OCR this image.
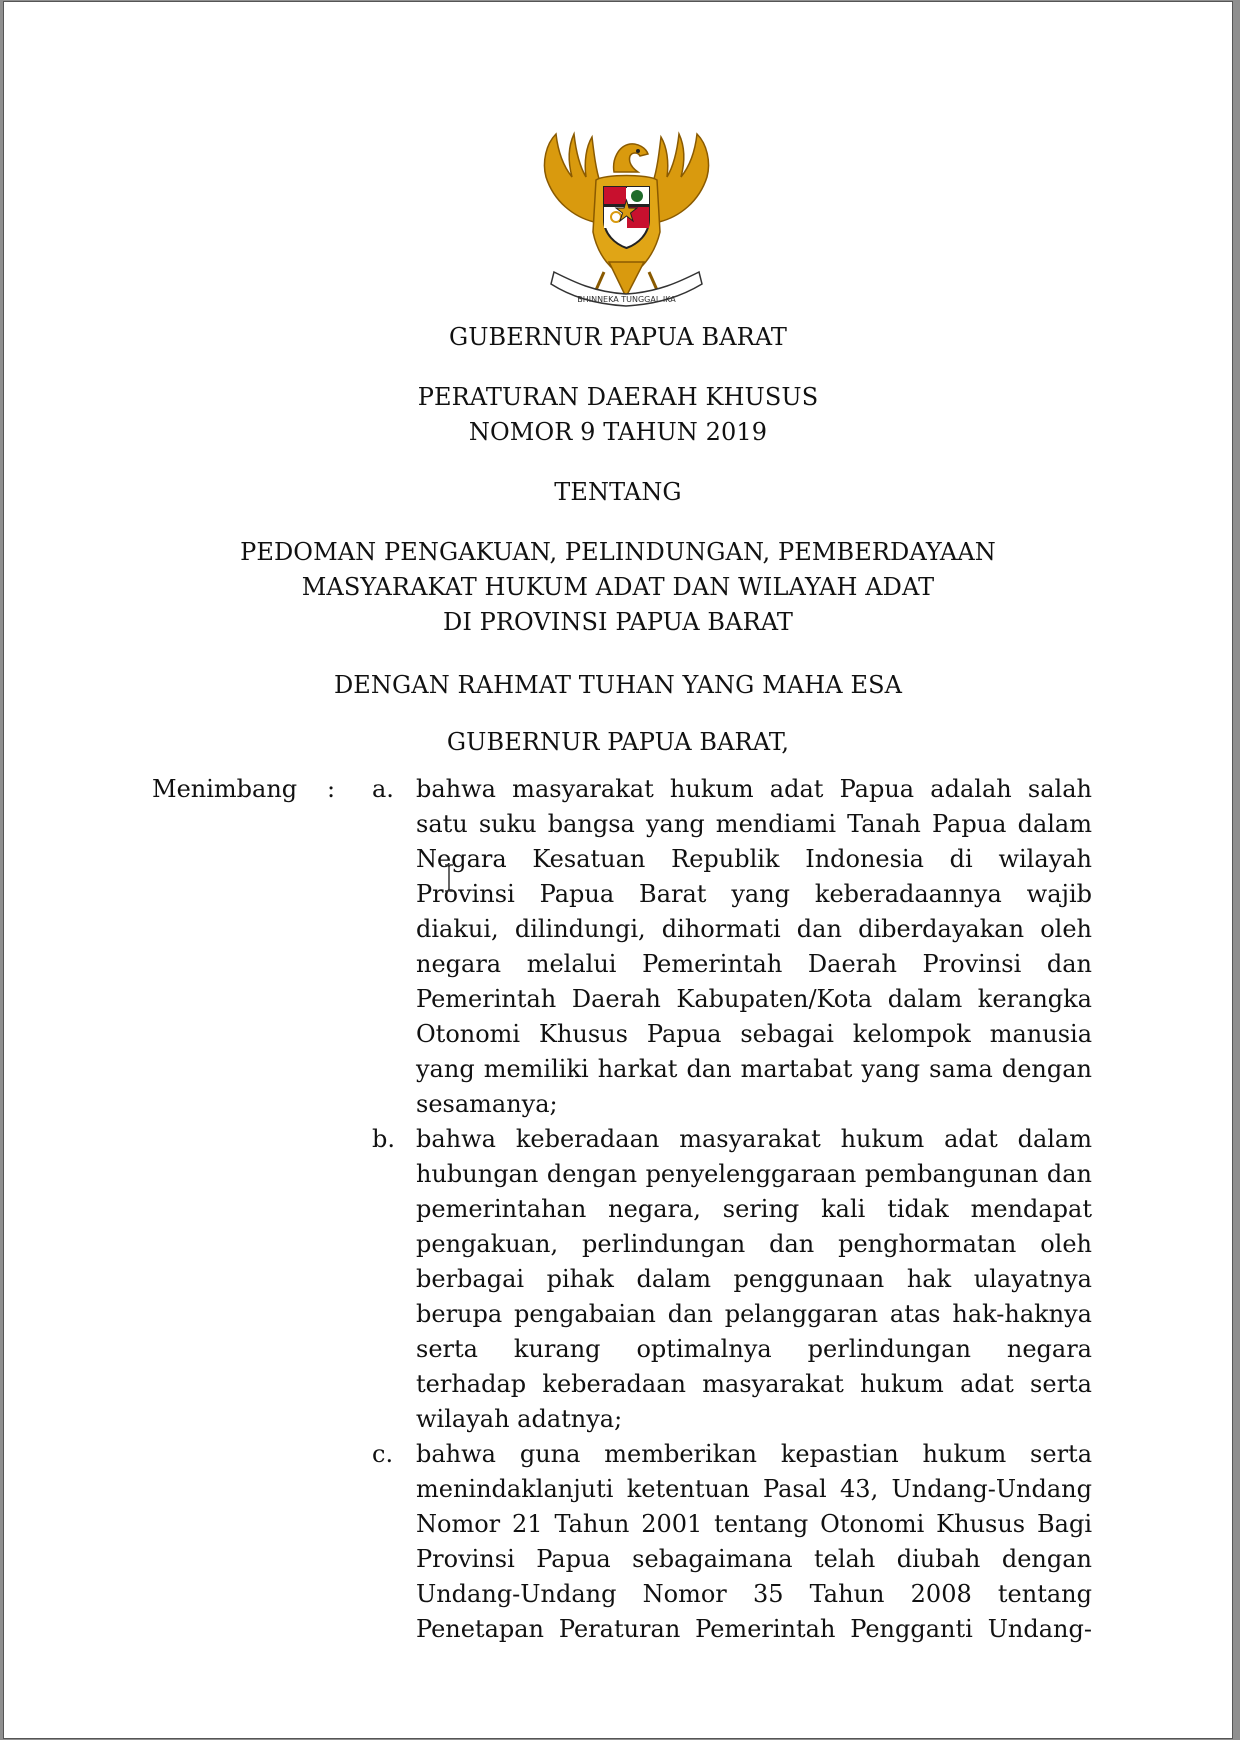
BHINNEKA TUNGGAL IKA
GUBERNUR PAPUA BARAT
PERATURAN DAERAH KHUSUS
NOMOR 9 TAHUN 2019
TENTANG
PEDOMAN PENGAKUAN, PELINDUNGAN, PEMBERDAYAAN
MASYARAKAT HUKUM ADAT DAN WILAYAH ADAT
DI PROVINSI PAPUA BARAT
DENGAN RAHMAT TUHAN YANG MAHA ESA
GUBERNUR PAPUA BARAT,
Menimbang : a. bahwa masyarakat hukum adat Papua adalah salah satu suku bangsa yang mendiami Tanah Papua dalam Negara Kesatuan Republik Indonesia di wilayah Provinsi Papua Barat yang keberadaannya wajib diakui, dilindungi, dihormati dan diberdayakan oleh negara melalui Pemerintah Daerah Provinsi dan Pemerintah Daerah Kabupaten/Kota dalam kerangka Otonomi Khusus Papua sebagai kelompok manusia yang memiliki harkat dan martabat yang sama dengan sesamanya;
b. bahwa keberadaan masyarakat hukum adat dalam hubungan dengan penyelenggaraan pembangunan dan pemerintahan negara, sering kali tidak mendapat pengakuan, perlindungan dan penghormatan oleh berbagai pihak dalam penggunaan hak ulayatnya berupa pengabaian dan pelanggaran atas hak-haknya serta kurang optimalnya perlindungan negara terhadap keberadaan masyarakat hukum adat serta wilayah adatnya;
c. bahwa guna memberikan kepastian hukum serta menindaklanjuti ketentuan Pasal 43, Undang-Undang Nomor 21 Tahun 2001 tentang Otonomi Khusus Bagi Provinsi Papua sebagaimana telah diubah dengan Undang-Undang Nomor 35 Tahun 2008 tentang Penetapan Peraturan Pemerintah Pengganti Undang-
